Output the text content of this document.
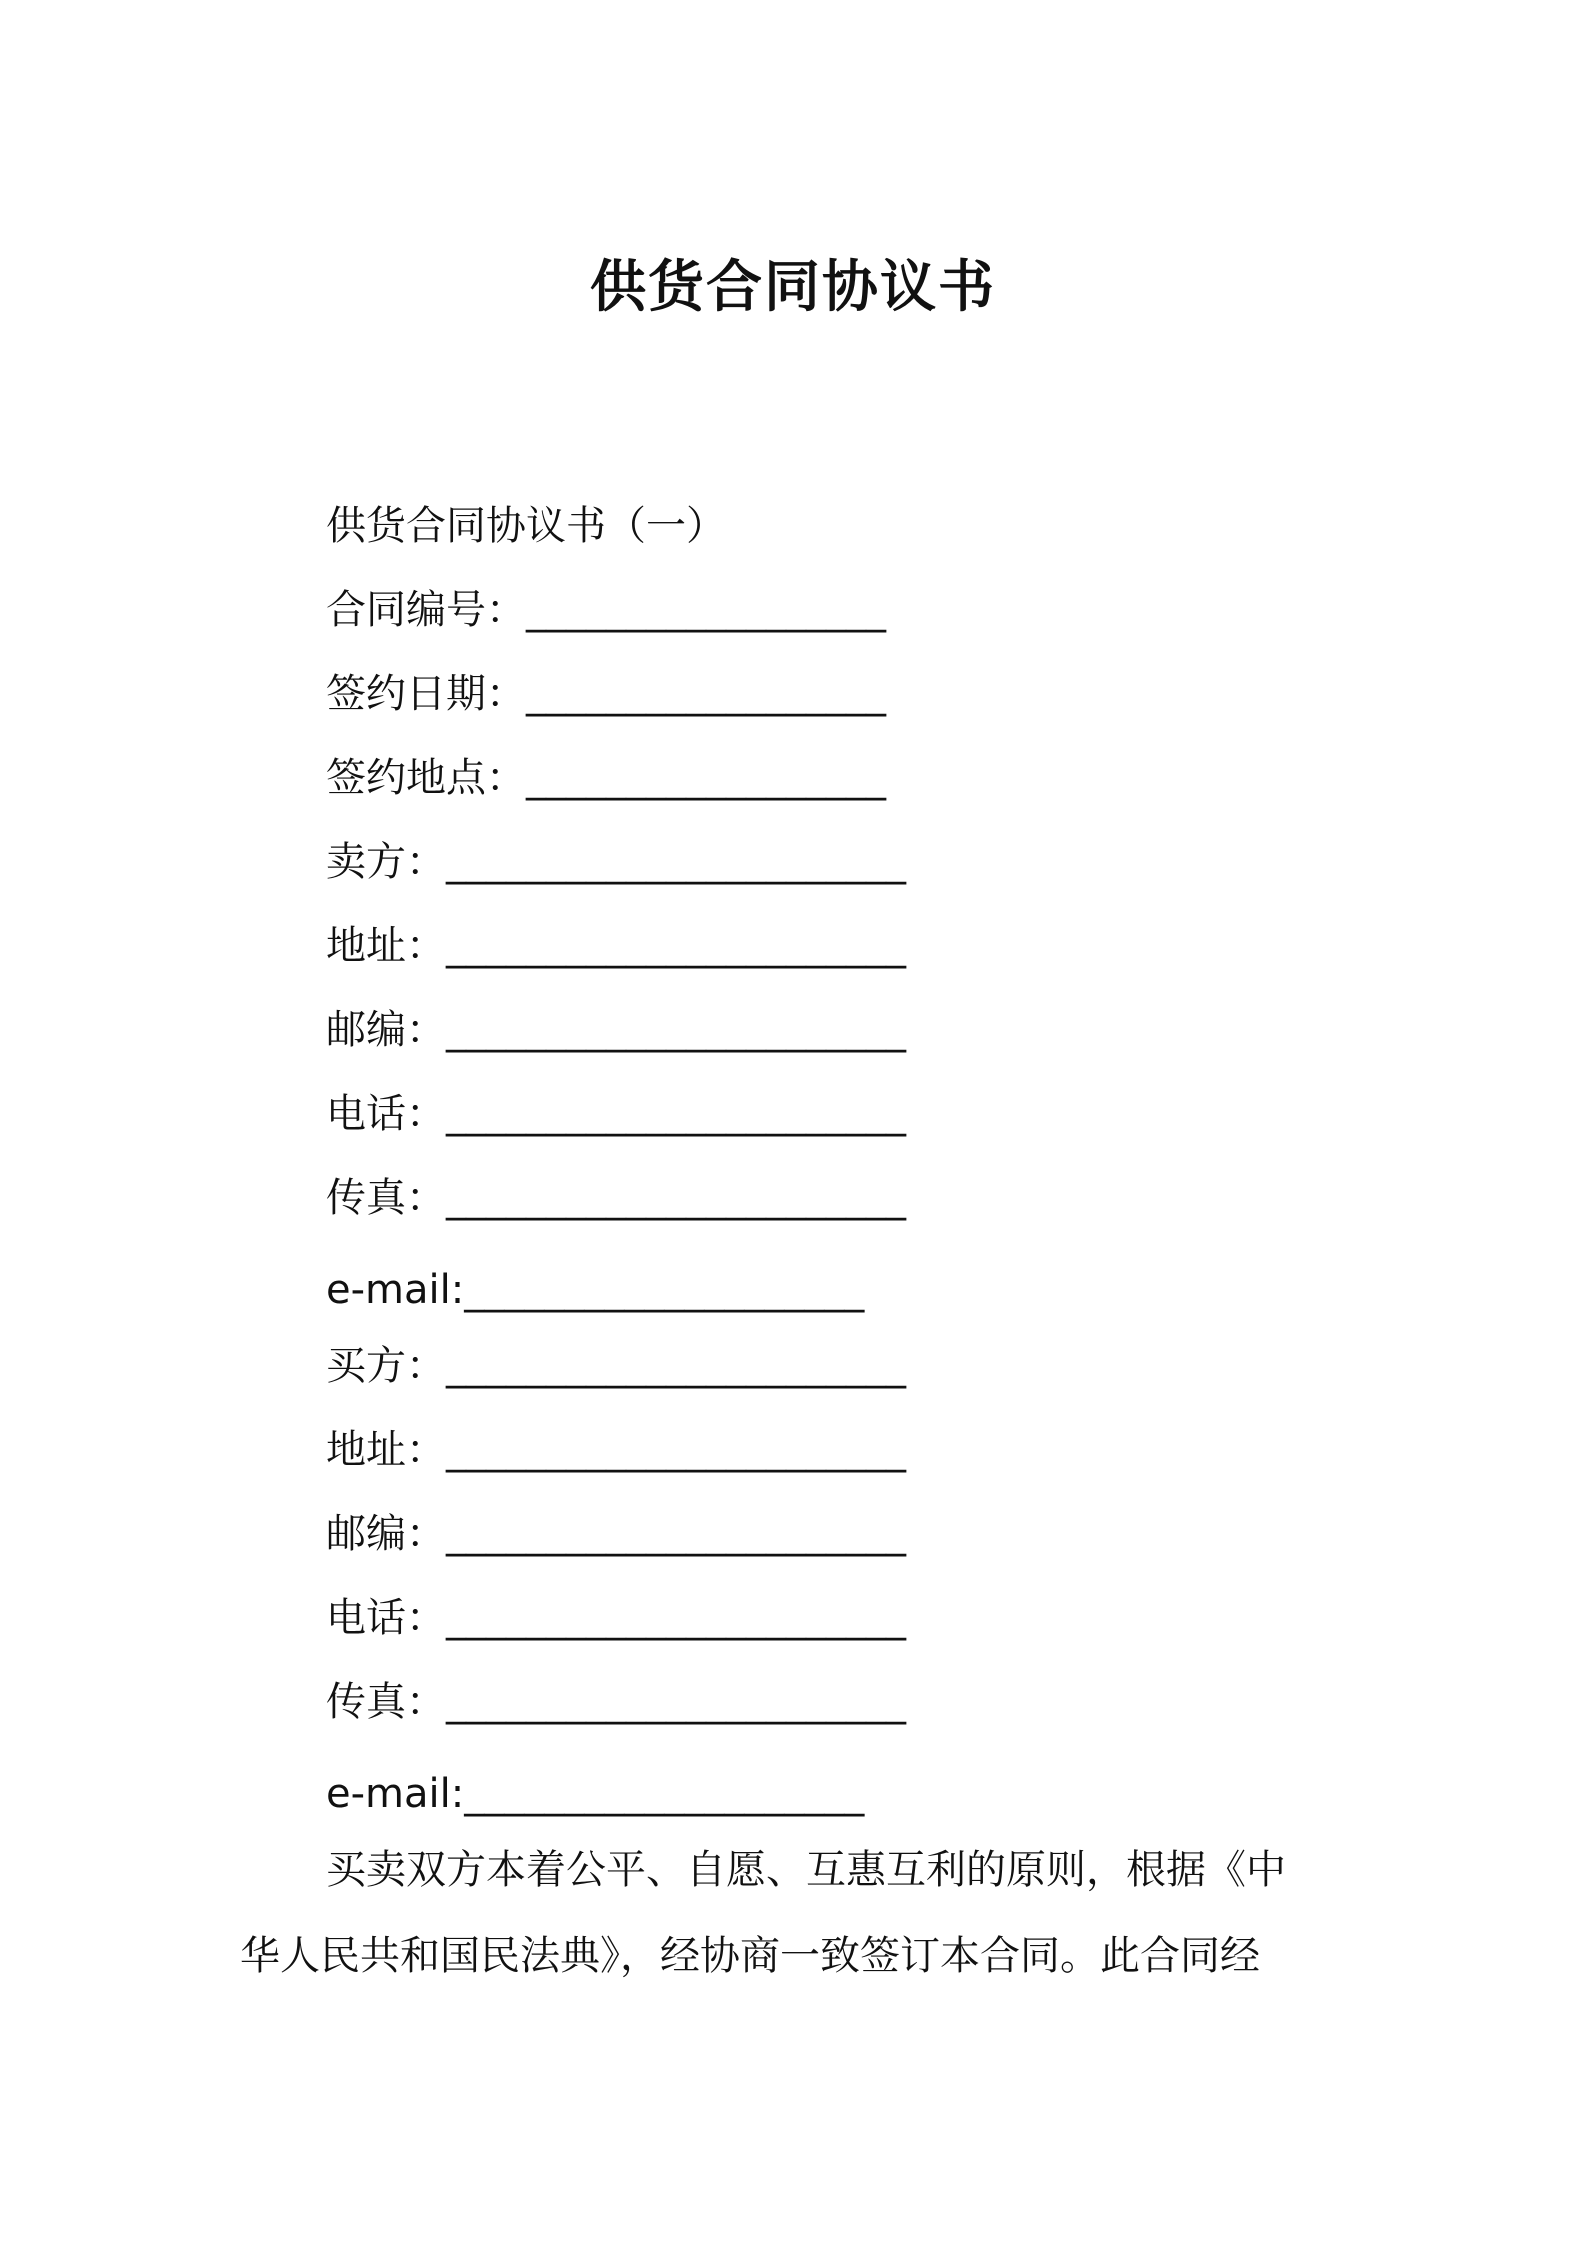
供货合同协议书
供货合同协议书（一）
合同编号：__________________
签约日期：__________________
签约地点：__________________
卖方：_______________________
地址：_______________________
邮编：_______________________
电话：_______________________
传真：_______________________
e-mail:____________________
买方：_______________________
地址：_______________________
邮编：_______________________
电话：_______________________
传真：_______________________
e-mail:____________________
买卖双方本着公平、自愿、互惠互利的原则，根据《中
华人民共和国民法典》，经协商一致签订本合同。此合同经
